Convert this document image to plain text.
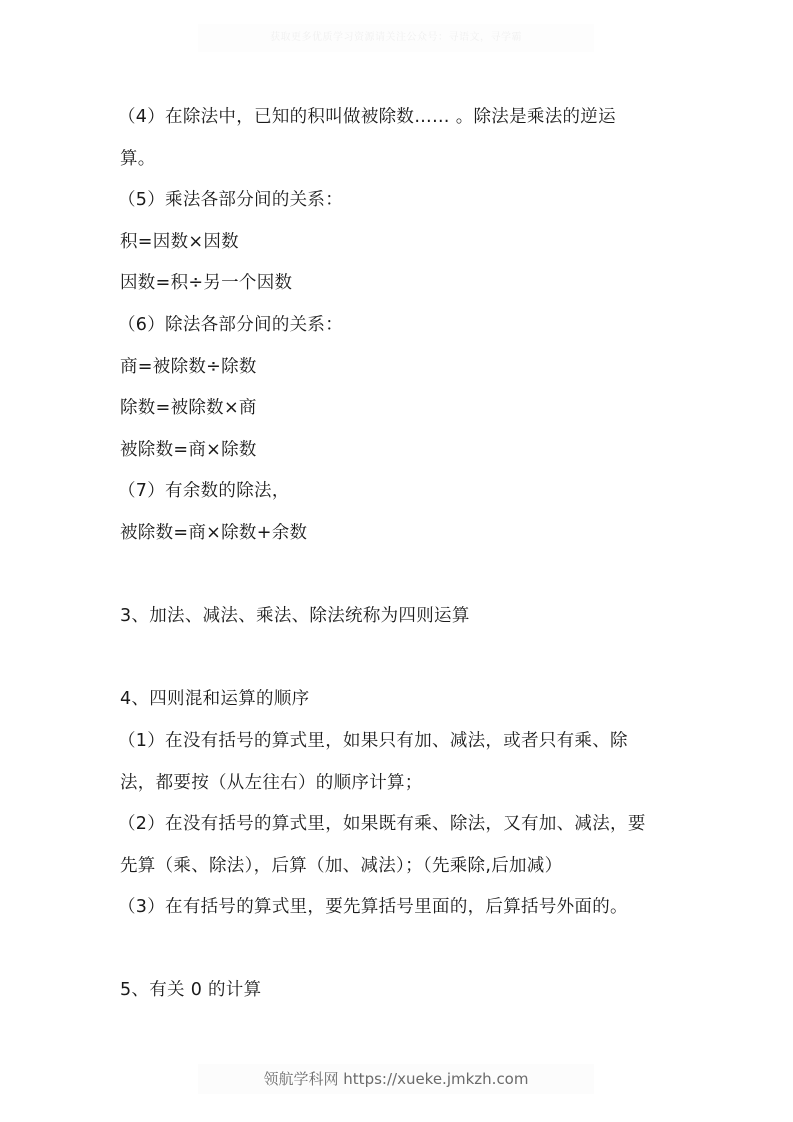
获取更多优质学习资源请关注公众号：寻语文，寻学霸
（4）在除法中，已知的积叫做被除数…… 。除法是乘法的逆运
算。
（5）乘法各部分间的关系：
积=因数×因数
因数=积÷另一个因数
（6）除法各部分间的关系：
商=被除数÷除数
除数=被除数×商
被除数=商×除数
（7）有余数的除法，
被除数=商×除数+余数
3、加法、减法、乘法、除法统称为四则运算
4、四则混和运算的顺序
（1）在没有括号的算式里，如果只有加、减法，或者只有乘、除
法，都要按（从左往右）的顺序计算；
（2）在没有括号的算式里，如果既有乘、除法，又有加、减法，要
先算（乘、除法），后算（加、减法）；（先乘除,后加减）
（3）在有括号的算式里，要先算括号里面的，后算括号外面的。
5、有关 0 的计算
领航学科网 https://xueke.jmkzh.com
